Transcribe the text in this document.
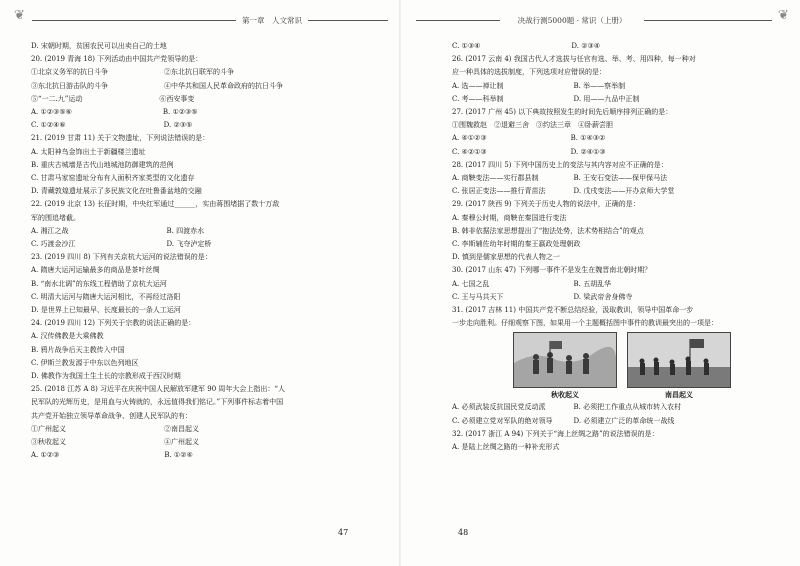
❦	第一章　人文常识
D. 宋朝时期，贫困农民可以出卖自己的土地
20. (2019 青海 18) 下列活动由中国共产党领导的是：
①北京义务军的抗日斗争　　　　　　　　②东北抗日联军的斗争
③东北抗日游击队的斗争　　　　　　　　④中华共和国人民革命政府的抗日斗争
⑤“一二.九”运动　　　　　　　　　　　⑥西安事变
A. ①②③⑤⑥　　　　　　　　　　　　　B. ①②③⑤
C. ①②④⑥　　　　　　　　　　　　　　D. ②③⑤
21. (2019 甘肃 11) 关于文物遗址，下列说法错误的是：
A. 太阳神鸟金饰出土于新疆楼兰遗址
B. 重庆古城墙是古代山地城池防御建筑的范例
C. 甘肃马家窑遗址分布有人面积齐家类型的文化遗存
D. 青藏敦煌遗址展示了多民族文化在吐鲁番盆地的交融
22. (2019 北京 13) 长征时期，中央红军通过______，实由蒋围堵据了数十万敌
军的围追堵截。
A. 湘江之战　　　　　　　　　　　　　　B. 四渡赤水
C. 巧渡金沙江　　　　　　　　　　　　　D. 飞夺泸定桥
23. (2019 四川 8) 下列有关京杭大运河的说法错误的是：
A. 隋唐大运河运输最多的商品是茶叶丝绸
B. “南水北调”的东线工程借助了京杭大运河
C. 明清大运河与隋唐大运河相比，不再经过洛阳
D. 是世界上已知最早、长度最长的一条人工运河
24. (2019 四川 12) 下列关于宗教的说法正确的是：
A. 汉传佛教是大乘佛教
B. 鸦片战争后天主教传入中国
C. 伊斯兰教发源于中东以色列地区
D. 佛教作为我国土生土长的宗教形成于西汉时期
25. (2018 江苏 A 8) 习近平在庆祝中国人民解放军建军 90 周年大会上指出：“人
民军队的光辉历史，是用血与火铸就的，永远值得我们铭记。”下列事件标志着中国
共产党开始独立领导革命战争、创建人民军队的有：
①广州起义　　　　　　　　　　　　　　②南昌起义
③秋收起义　　　　　　　　　　　　　　④广州起义
A. ①②③　　　　　　　　　　　　　　　B. ①②④
47
决战行测5000题 · 常识（上册）	❦
C. ①③④　　　　　　　　　　　　　D. ②③④
26. (2017 云南 4) 我国古代人才选拔与任官有选、举、考、用四种，每一种对
应一种具体的选拔制度，下列选项对应错误的是：
A. 选——禅让制　　　　　　　　　　B. 举——察举制
C. 考——科举制　　　　　　　　　　D. 用——九品中正制
27. (2017 广州 45) 以下典故按照发生的时间先后顺序排列正确的是：
①围魏救赵　②退避三舍　③约法三章　④卧薪尝胆
A. ④①②③　　　　　　　　　　　　B. ①④③②
C. ④②①③　　　　　　　　　　　　D. ②④①③
28. (2017 四川 5) 下列中国历史上的变法与其内容对应不正确的是：
A. 商鞅变法——实行郡县制　　　　　B. 王安石变法——保甲保马法
C. 张居正变法——推行青苗法　　　　D. 戊戌变法——开办京师大学堂
29. (2017 陕西 9) 下列关于历史人物的说法中，正确的是：
A. 秦穆公时期，商鞅在秦国进行变法
B. 韩非依据法家思想提出了“抱法处势，法术势相结合”的观点
C. 李斯辅佐幼年时期的秦王嬴政处理朝政
D. 慎到是儒家思想的代表人物之一
30. (2017 山东 47) 下列哪一事件不是发生在魏晋南北朝时期？
A. 七国之乱　　　　　　　　　　　　B. 五胡乱华
C. 王与马共天下　　　　　　　　　　D. 梁武帝舍身佛寺
31. (2017 吉林 11) 中国共产党不断总结经验，汲取教训，领导中国革命一步
一步走向胜利。仔细观察下图，如果用一个主题概括图中事件的教训最突出的一项是：
秋收起义	南昌起义
A. 必须武装反抗国民党反动派　　　　B. 必须把工作重点从城市转入农村
C. 必须建立党对军队的绝对领导　　　D. 必须建立广泛的革命统一战线
32. (2017 浙江 A 94) 下列关于“海上丝绸之路”的说法错误的是：
A. 是陆上丝绸之路的一种补充形式
48
